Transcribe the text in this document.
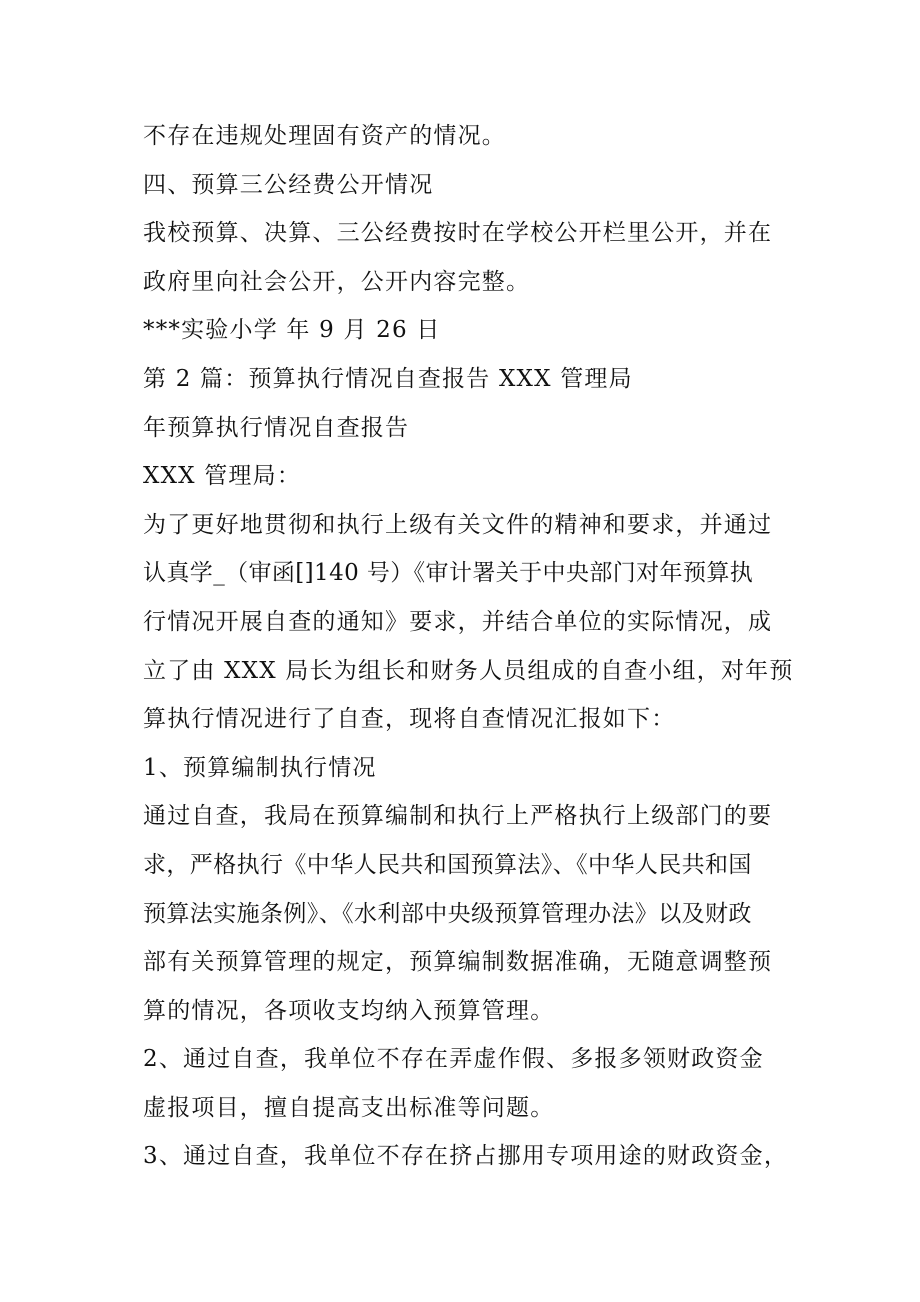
不存在违规处理固有资产的情况。
四、预算三公经费公开情况
我校预算、决算、三公经费按时在学校公开栏里公开，并在
政府里向社会公开，公开内容完整。
***实验小学 年 9 月 26 日
第 2 篇：预算执行情况自查报告 XXX 管理局
年预算执行情况自查报告
XXX 管理局：
为了更好地贯彻和执行上级有关文件的精神和要求，并通过
认真学_（审函[]140 号）《审计署关于中央部门对年预算执
行情况开展自查的通知》要求，并结合单位的实际情况，成
立了由 XXX 局长为组长和财务人员组成的自查小组，对年预
算执行情况进行了自查，现将自查情况汇报如下：
1、预算编制执行情况
通过自查，我局在预算编制和执行上严格执行上级部门的要
求，严格执行《中华人民共和国预算法》、《中华人民共和国
预算法实施条例》、《水利部中央级预算管理办法》以及财政
部有关预算管理的规定，预算编制数据准确，无随意调整预
算的情况，各项收支均纳入预算管理。
2、通过自查，我单位不存在弄虚作假、多报多领财政资金
虚报项目，擅自提高支出标准等问题。
3、通过自查，我单位不存在挤占挪用专项用途的财政资金，
